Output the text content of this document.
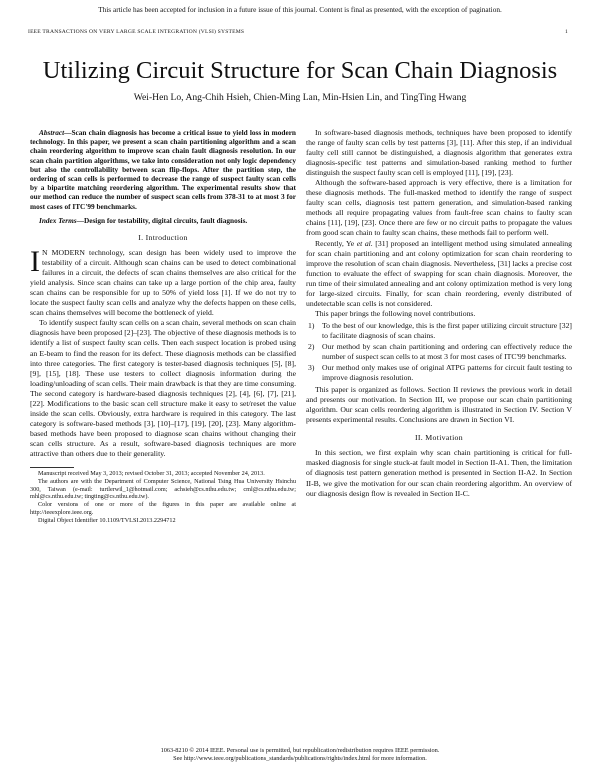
This article has been accepted for inclusion in a future issue of this journal. Content is final as presented, with the exception of pagination.
IEEE TRANSACTIONS ON VERY LARGE SCALE INTEGRATION (VLSI) SYSTEMS	1
Utilizing Circuit Structure for Scan Chain Diagnosis
Wei-Hen Lo, Ang-Chih Hsieh, Chien-Ming Lan, Min-Hsien Lin, and TingTing Hwang

Abstract—Scan chain diagnosis has become a critical issue to yield loss in modern technology. In this paper, we present a scan chain partitioning algorithm and a scan chain reordering algorithm to improve scan chain fault diagnosis resolution. In our scan chain partition algorithms, we take into consideration not only logic dependency but also the controllability between scan flip-flops. After the partition step, the ordering of scan cells is performed to decrease the range of suspect faulty scan cells by a bipartite matching reordering algorithm. The experimental results show that our method can reduce the number of suspect scan cells from 378-31 to at most 3 for most cases of ITC'99 benchmarks.

Index Terms—Design for testability, digital circuits, fault diagnosis.

I. Introduction

I N MODERN technology, scan design has been widely used to improve the testability of a circuit. Although scan chains can be used to detect combinational failures in a circuit, the defects of scan chains themselves are also critical for the yield analysis. Since scan chains can take up a large portion of the chip area, faulty scan chains can be responsible for up to 50% of yield loss [1]. If we do not try to locate the suspect faulty scan cells and analyze why the defects happen on these cells, scan chains themselves will become the bottleneck of yield.

To identify suspect faulty scan cells on a scan chain, several methods on scan chain diagnosis have been proposed [2]–[23]. The objective of these diagnosis methods is to identify a list of suspect faulty scan cells. Then each suspect location is probed using an E-beam to find the reason for its defect. These diagnosis methods can be classified into three categories. The first category is tester-based diagnosis techniques [5], [8], [9], [15], [18]. These use testers to collect diagnosis information during the loading/unloading of scan cells. Their main drawback is that they are time consuming. The second category is hardware-based diagnosis techniques [2], [4], [6], [7], [21], [22]. Modifications to the basic scan cell structure make it easy to set/reset the value inside the scan cells. Obviously, extra hardware is required in this category. The last category is software-based methods [3], [10]–[17], [19], [20], [23]. Many algorithm-based methods have been proposed to diagnose scan chains without changing their scan cells structure. As a result, software-based diagnosis techniques are more attractive than others due to their generality.

Manuscript received May 3, 2013; revised October 31, 2013; accepted November 24, 2013.

The authors are with the Department of Computer Science, National Tsing Hua University Hsinchu 300, Taiwan (e-mail: turtlerwil_1@hotmail.com; achsieh@cs.nthu.edu.tw; cml@cs.nthu.edu.tw; mhl@cs.nthu.edu.tw; tingting@cs.nthu.edu.tw).

Color versions of one or more of the figures in this paper are available online at http://ieeexplore.ieee.org.

Digital Object Identifier 10.1109/TVLSI.2013.2294712

In software-based diagnosis methods, techniques have been proposed to identify the range of faulty scan cells by test patterns [3], [11]. After this step, if an individual faulty cell still cannot be distinguished, a diagnosis algorithm that generates extra diagnosis-specific test patterns and simulation-based ranking method to further distinguish the suspect faulty scan cell is employed [11], [19], [23].

Although the software-based approach is very effective, there is a limitation for these diagnosis methods. The full-masked method to identify the range of suspect faulty scan cells, diagnosis test pattern generation, and simulation-based ranking methods all require propagating values from fault-free scan chains to faulty scan chains [11], [19], [23]. Once there are few or no circuit paths to propagate the values from good scan chain to faulty scan chains, these methods fail to perform well.

Recently, Ye et al. [31] proposed an intelligent method using simulated annealing for scan chain partitioning and ant colony optimization for scan chain reordering to improve the resolution of scan chain diagnosis. Nevertheless, [31] lacks a precise cost function to evaluate the effect of swapping for scan chain diagnosis. Moreover, the run time of their simulated annealing and ant colony optimization method is very long for large-sized circuits. Finally, for scan chain reordering, evenly distributed of undetectable scan cells is not considered.

This paper brings the following novel contributions.

1) To the best of our knowledge, this is the first paper utilizing circuit structure [32] to facilitate diagnosis of scan chains.
2) Our method by scan chain partitioning and ordering can effectively reduce the number of suspect scan cells to at most 3 for most cases of ITC'99 benchmarks.
3) Our method only makes use of original ATPG patterns for circuit fault testing to improve diagnosis resolution.

This paper is organized as follows. Section II reviews the previous work in detail and presents our motivation. In Section III, we propose our scan chain partitioning algorithm. Our scan cells reordering algorithm is illustrated in Section IV. Section V presents experimental results. Conclusions are drawn in Section VI.

II. Motivation

In this section, we first explain why scan chain partitioning is critical for full-masked diagnosis for single stuck-at fault model in Section II-A1. Then, the limitation of diagnosis test pattern generation method is presented in Section II-A2. In Section II-B, we give the motivation for our scan chain reordering algorithm. An overview of our diagnosis design flow is revealed in Section II-C.

1063-8210 © 2014 IEEE. Personal use is permitted, but republication/redistribution requires IEEE permission.
See http://www.ieee.org/publications_standards/publications/rights/index.html for more information.
